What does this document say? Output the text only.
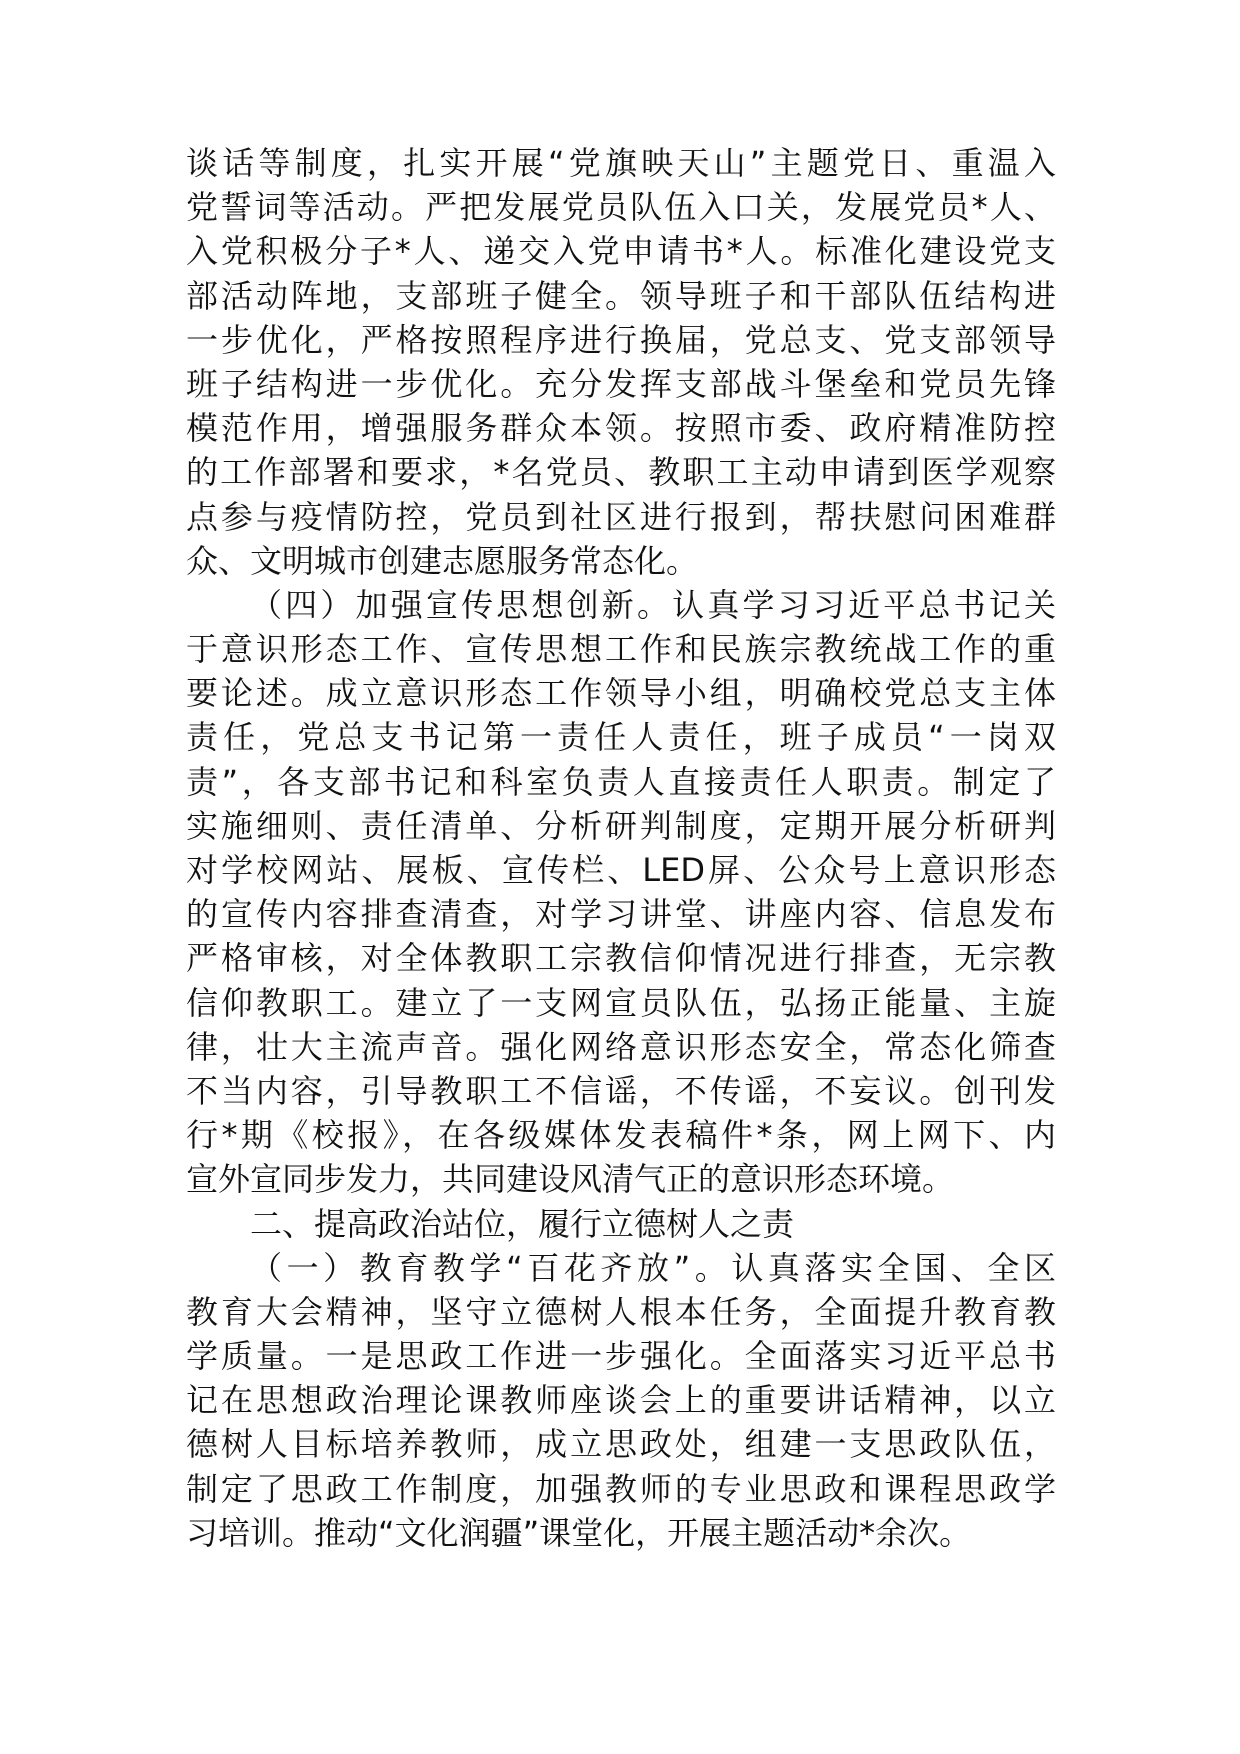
谈话等制度，扎实开展“党旗映天山”主题党日、重温入
党誓词等活动。严把发展党员队伍入口关，发展党员*人、
入党积极分子*人、递交入党申请书*人。标准化建设党支
部活动阵地，支部班子健全。领导班子和干部队伍结构进
一步优化，严格按照程序进行换届，党总支、党支部领导
班子结构进一步优化。充分发挥支部战斗堡垒和党员先锋
模范作用，增强服务群众本领。按照市委、政府精准防控
的工作部署和要求，*名党员、教职工主动申请到医学观察
点参与疫情防控，党员到社区进行报到，帮扶慰问困难群
众、文明城市创建志愿服务常态化。
（四）加强宣传思想创新。认真学习习近平总书记关
于意识形态工作、宣传思想工作和民族宗教统战工作的重
要论述。成立意识形态工作领导小组，明确校党总支主体
责任，党总支书记第一责任人责任，班子成员“一岗双
责”，各支部书记和科室负责人直接责任人职责。制定了
实施细则、责任清单、分析研判制度，定期开展分析研判
对学校网站、展板、宣传栏、LED屏、公众号上意识形态
的宣传内容排查清查，对学习讲堂、讲座内容、信息发布
严格审核，对全体教职工宗教信仰情况进行排查，无宗教
信仰教职工。建立了一支网宣员队伍，弘扬正能量、主旋
律，壮大主流声音。强化网络意识形态安全，常态化筛查
不当内容，引导教职工不信谣，不传谣，不妄议。创刊发
行*期《校报》，在各级媒体发表稿件*条，网上网下、内
宣外宣同步发力，共同建设风清气正的意识形态环境。
二、提高政治站位，履行立德树人之责
（一）教育教学“百花齐放”。认真落实全国、全区
教育大会精神，坚守立德树人根本任务，全面提升教育教
学质量。一是思政工作进一步强化。全面落实习近平总书
记在思想政治理论课教师座谈会上的重要讲话精神，以立
德树人目标培养教师，成立思政处，组建一支思政队伍，
制定了思政工作制度，加强教师的专业思政和课程思政学
习培训。推动“文化润疆”课堂化，开展主题活动*余次。
